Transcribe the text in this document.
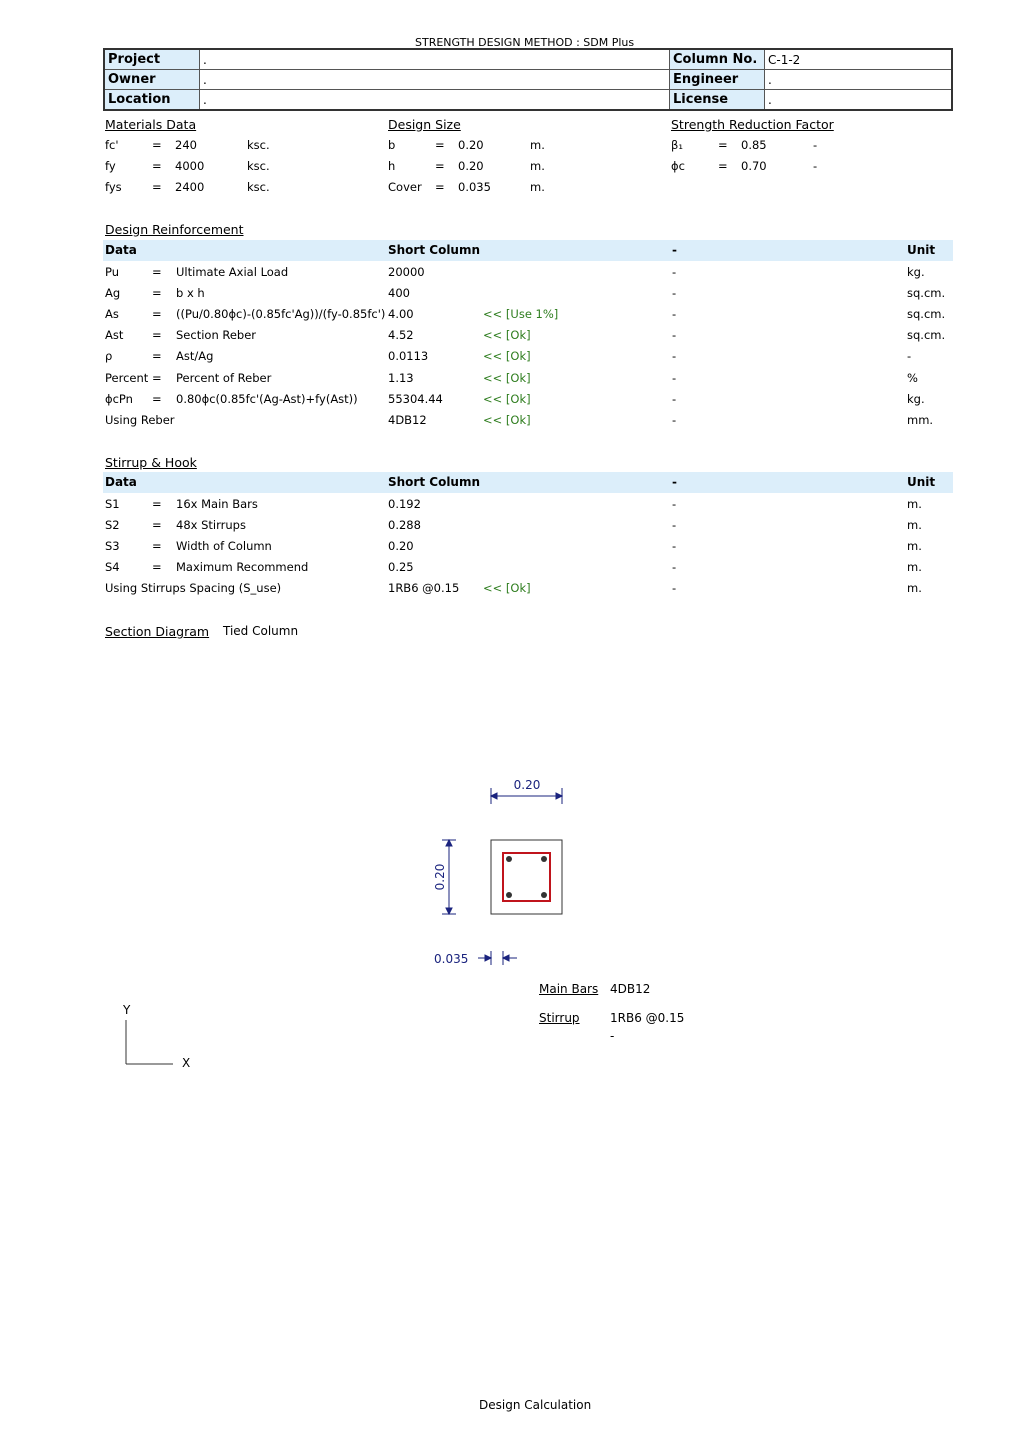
STRENGTH DESIGN METHOD : SDM Plus
Project	.	Column No.	C-1-2
Owner	.	Engineer	.
Location	.	License	.
Materials Data	Design Size	Strength Reduction Factor
fc'	= 240	ksc.
fy	= 4000	ksc.
fys	= 2400	ksc.
b	= 0.20	m.
h	= 0.20	m.
Cover = 0.035	m.
β₁	= 0.85	-
ϕc	= 0.70	-
Design Reinforcement
Data	Short Column	-	Unit
Pu	= Ultimate Axial Load	20000	-	kg.
Ag	= b x h	400	-	sq.cm.
As	= ((Pu/0.80ϕc)-(0.85fc'Ag))/(fy-0.85fc') 4.00	<< [Use 1%]	-	sq.cm.
Ast = Section Reber	4.52	<< [Ok]	-	sq.cm.
ρ	= Ast/Ag	0.0113	<< [Ok]	-	-
Percent = Percent of Reber	1.13	<< [Ok]	-	%
ϕcPn = 0.80ϕc(0.85fc'(Ag-Ast)+fy(Ast))	55304.44	<< [Ok]	-	kg.
Using Reber	4DB12	<< [Ok]	-	mm.
Stirrup & Hook
Data	Short Column	-	Unit
S1	= 16x Main Bars	0.192	-	m.
S2	= 48x Stirrups	0.288	-	m.
S3	= Width of Column	0.20	-	m.
S4	= Maximum Recommend	0.25	-	m.
Using Stirrups Spacing (S_use)	1RB6 @0.15 << [Ok]	-	m.
Section Diagram Tied Column
0.20
0.20
0.035
Main Bars 4DB12
Stirrup	1RB6 @0.15
-
Y
X
Design Calculation
